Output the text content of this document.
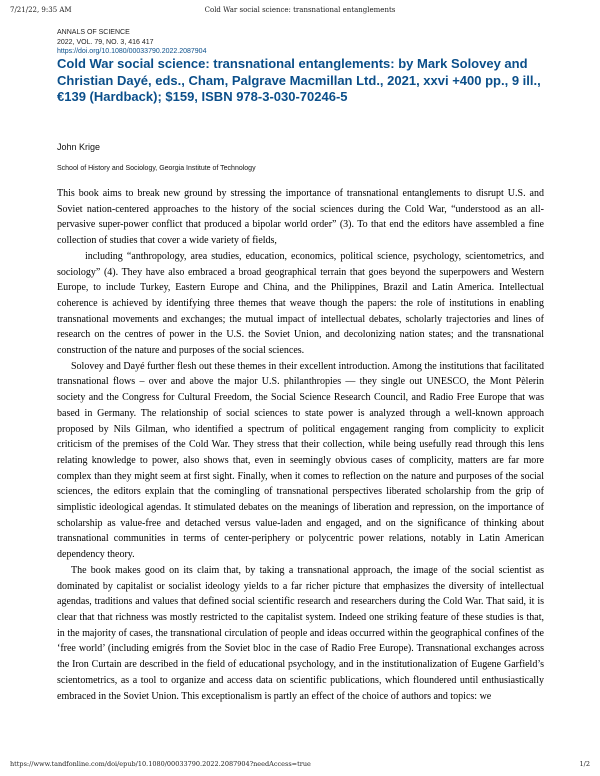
7/21/22, 9:35 AM	Cold War social science: transnational entanglements
ANNALS OF SCIENCE
2022, VOL. 79, NO. 3, 416 417
https://doi.org/10.1080/00033790.2022.2087904
Cold War social science: transnational entanglements: by Mark Solovey and Christian Dayé, eds., Cham, Palgrave Macmillan Ltd., 2021, xxvi +400 pp., 9 ill., €139 (Hardback); $159, ISBN 978-3-030-70246-5
John Krige
School of History and Sociology, Georgia Institute of Technology

This book aims to break new ground by stressing the importance of transnational entanglements to disrupt U.S. and Soviet nation-centered approaches to the history of the social sciences during the Cold War, “understood as an all-pervasive super-power conflict that produced a bipolar world order” (3). To that end the editors have assembled a fine collection of studies that cover a wide variety of fields,

including “anthropology, area studies, education, economics, political science, psychology, scientometrics, and sociology” (4). They have also embraced a broad geographical terrain that goes beyond the superpowers and Western Europe, to include Turkey, Eastern Europe and China, and the Philippines, Brazil and Latin America. Intellectual coherence is achieved by identifying three themes that weave though the papers: the role of institutions in enabling transnational movements and exchanges; the mutual impact of intellectual debates, scholarly trajectories and lines of research on the centres of power in the U.S. the Soviet Union, and decolonizing nation states; and the transnational construction of the nature and purposes of the social sciences.

Solovey and Dayé further flesh out these themes in their excellent introduction. Among the institutions that facilitated transnational flows – over and above the major U.S. philanthropies — they single out UNESCO, the Mont Pèlerin society and the Congress for Cultural Freedom, the Social Science Research Council, and Radio Free Europe that was based in Germany. The relationship of social sciences to state power is analyzed through a well-known approach proposed by Nils Gilman, who identified a spectrum of political engagement ranging from complicity to explicit criticism of the premises of the Cold War. They stress that their collection, while being usefully read through this lens relating knowledge to power, also shows that, even in seemingly obvious cases of complicity, matters are far more complex than they might seem at first sight. Finally, when it comes to reflection on the nature and purposes of the social sciences, the editors explain that the comingling of transnational perspectives liberated scholarship from the grip of simplistic ideological agendas. It stimulated debates on the meanings of liberation and repression, on the importance of scholarship as value-free and detached versus value-laden and engaged, and on the significance of thinking about transnational communities in terms of center-periphery or polycentric power relations, notably in Latin American dependency theory.

The book makes good on its claim that, by taking a transnational approach, the image of the social scientist as dominated by capitalist or socialist ideology yields to a far richer picture that emphasizes the diversity of intellectual agendas, traditions and values that defined social scientific research and researchers during the Cold War. That said, it is clear that that richness was mostly restricted to the capitalist system. Indeed one striking feature of these studies is that, in the majority of cases, the transnational circulation of people and ideas occurred within the geographical confines of the ‘free world’ (including emigrés from the Soviet bloc in the case of Radio Free Europe). Transnational exchanges across the Iron Curtain are described in the field of educational psychology, and in the institutionalization of Eugene Garfield’s scientometrics, as a tool to organize and access data on scientific publications, which floundered until enthusiastically embraced in the Soviet Union. This exceptionalism is partly an effect of the choice of authors and topics: we

https://www.tandfonline.com/doi/epub/10.1080/00033790.2022.2087904?needAccess=true	1/2
